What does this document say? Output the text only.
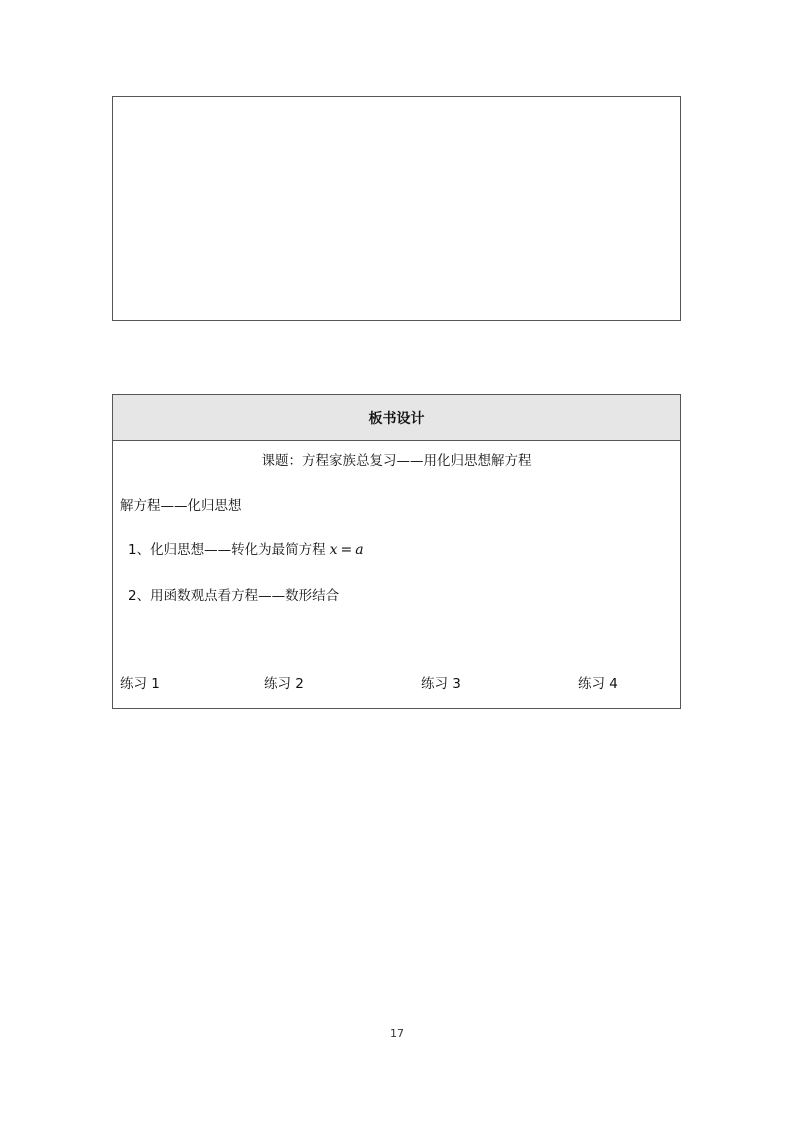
板书设计
课题：方程家族总复习——用化归思想解方程
解方程——化归思想
1、化归思想——转化为最简方程 x = a
2、用函数观点看方程——数形结合
练习 1	练习 2	练习 3	练习 4
17
